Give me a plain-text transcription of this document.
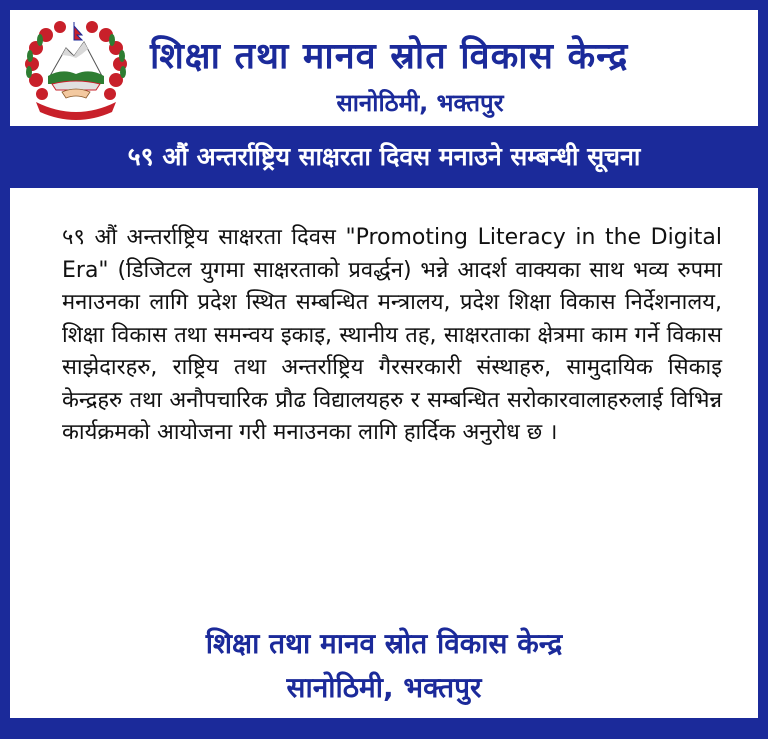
शिक्षा तथा मानव स्रोत विकास केन्द्र
सानोठिमी, भक्तपुर
५९ औं अन्तर्राष्ट्रिय साक्षरता दिवस मनाउने सम्बन्धी सूचना

५९ औं अन्तर्राष्ट्रिय साक्षरता दिवस "Promoting Literacy in the Digital Era" (डिजिटल युगमा साक्षरताको प्रवर्द्धन) भन्ने आदर्श वाक्यका साथ भव्य रुपमा मनाउनका लागि प्रदेश स्थित सम्बन्धित मन्त्रालय, प्रदेश शिक्षा विकास निर्देशनालय, शिक्षा विकास तथा समन्वय इकाइ, स्थानीय तह, साक्षरताका क्षेत्रमा काम गर्ने विकास साझेदारहरु, राष्ट्रिय तथा अन्तर्राष्ट्रिय गैरसरकारी संस्थाहरु, सामुदायिक सिकाइ केन्द्रहरु तथा अनौपचारिक प्रौढ विद्यालयहरु र सम्बन्धित सरोकारवालाहरुलाई विभिन्न कार्यक्रमको आयोजना गरी मनाउनका लागि हार्दिक अनुरोध छ ।

शिक्षा तथा मानव स्रोत विकास केन्द्र
सानोठिमी, भक्तपुर
